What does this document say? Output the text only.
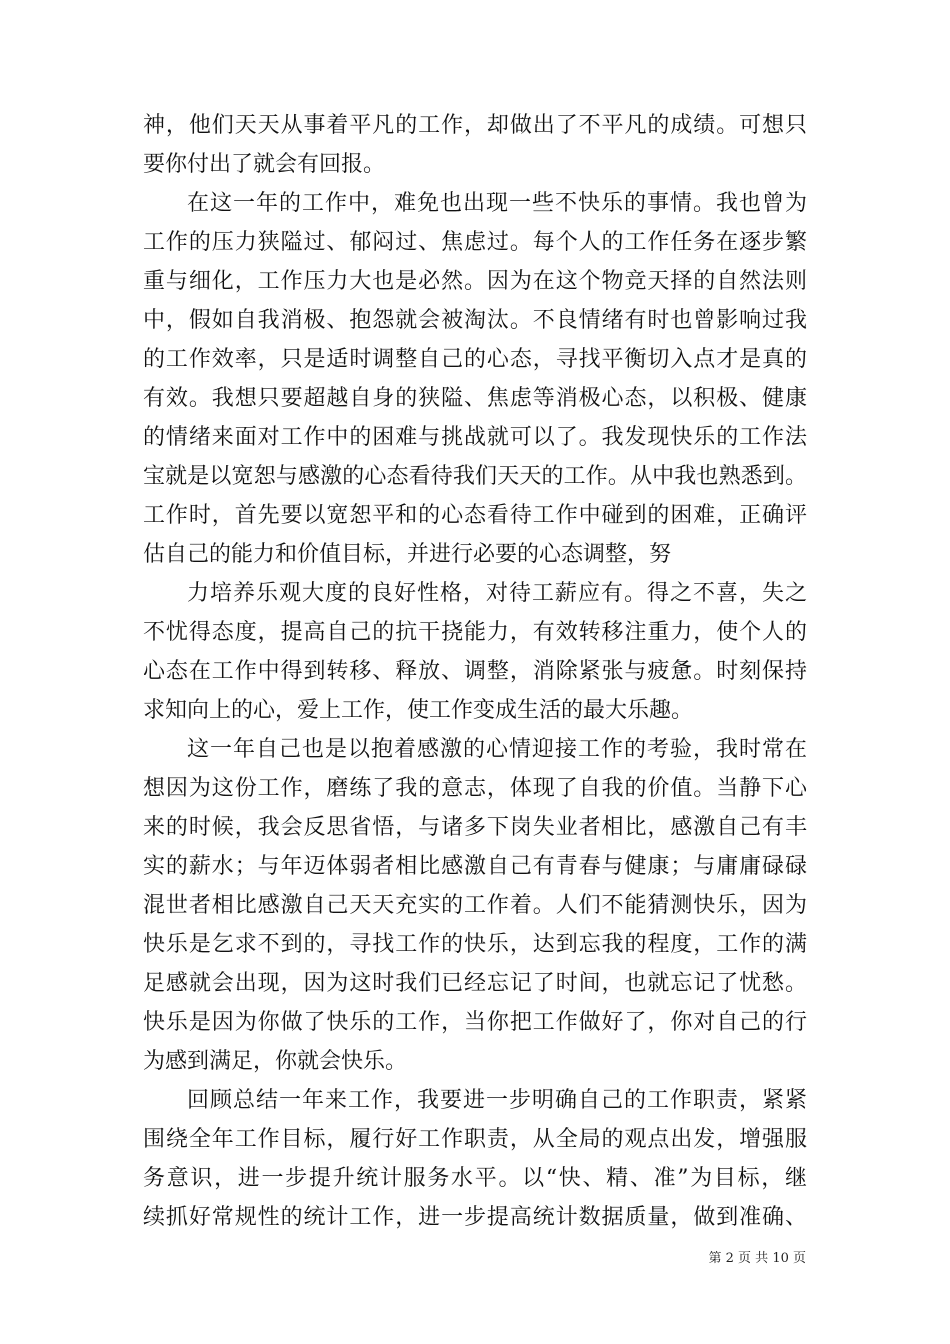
神，他们天天从事着平凡的工作，却做出了不平凡的成绩。可想只
要你付出了就会有回报。
在这一年的工作中，难免也出现一些不快乐的事情。我也曾为
工作的压力狭隘过、郁闷过、焦虑过。每个人的工作任务在逐步繁
重与细化，工作压力大也是必然。因为在这个物竞天择的自然法则
中，假如自我消极、抱怨就会被淘汰。不良情绪有时也曾影响过我
的工作效率，只是适时调整自己的心态，寻找平衡切入点才是真的
有效。我想只要超越自身的狭隘、焦虑等消极心态，以积极、健康
的情绪来面对工作中的困难与挑战就可以了。我发现快乐的工作法
宝就是以宽恕与感激的心态看待我们天天的工作。从中我也熟悉到。
工作时，首先要以宽恕平和的心态看待工作中碰到的困难，正确评
估自己的能力和价值目标，并进行必要的心态调整，努
力培养乐观大度的良好性格，对待工薪应有。得之不喜，失之
不忧得态度，提高自己的抗干挠能力，有效转移注重力，使个人的
心态在工作中得到转移、释放、调整，消除紧张与疲惫。时刻保持
求知向上的心，爱上工作，使工作变成生活的最大乐趣。
这一年自己也是以抱着感激的心情迎接工作的考验，我时常在
想因为这份工作，磨练了我的意志，体现了自我的价值。当静下心
来的时候，我会反思省悟，与诸多下岗失业者相比，感激自己有丰
实的薪水；与年迈体弱者相比感激自己有青春与健康；与庸庸碌碌
混世者相比感激自己天天充实的工作着。人们不能猜测快乐，因为
快乐是乞求不到的，寻找工作的快乐，达到忘我的程度，工作的满
足感就会出现，因为这时我们已经忘记了时间，也就忘记了忧愁。
快乐是因为你做了快乐的工作，当你把工作做好了，你对自己的行
为感到满足，你就会快乐。
回顾总结一年来工作，我要进一步明确自己的工作职责，紧紧
围绕全年工作目标，履行好工作职责，从全局的观点出发，增强服
务意识，进一步提升统计服务水平。以“快、精、准”为目标，继
续抓好常规性的统计工作，进一步提高统计数据质量，做到准确、
第 2 页 共 10 页
